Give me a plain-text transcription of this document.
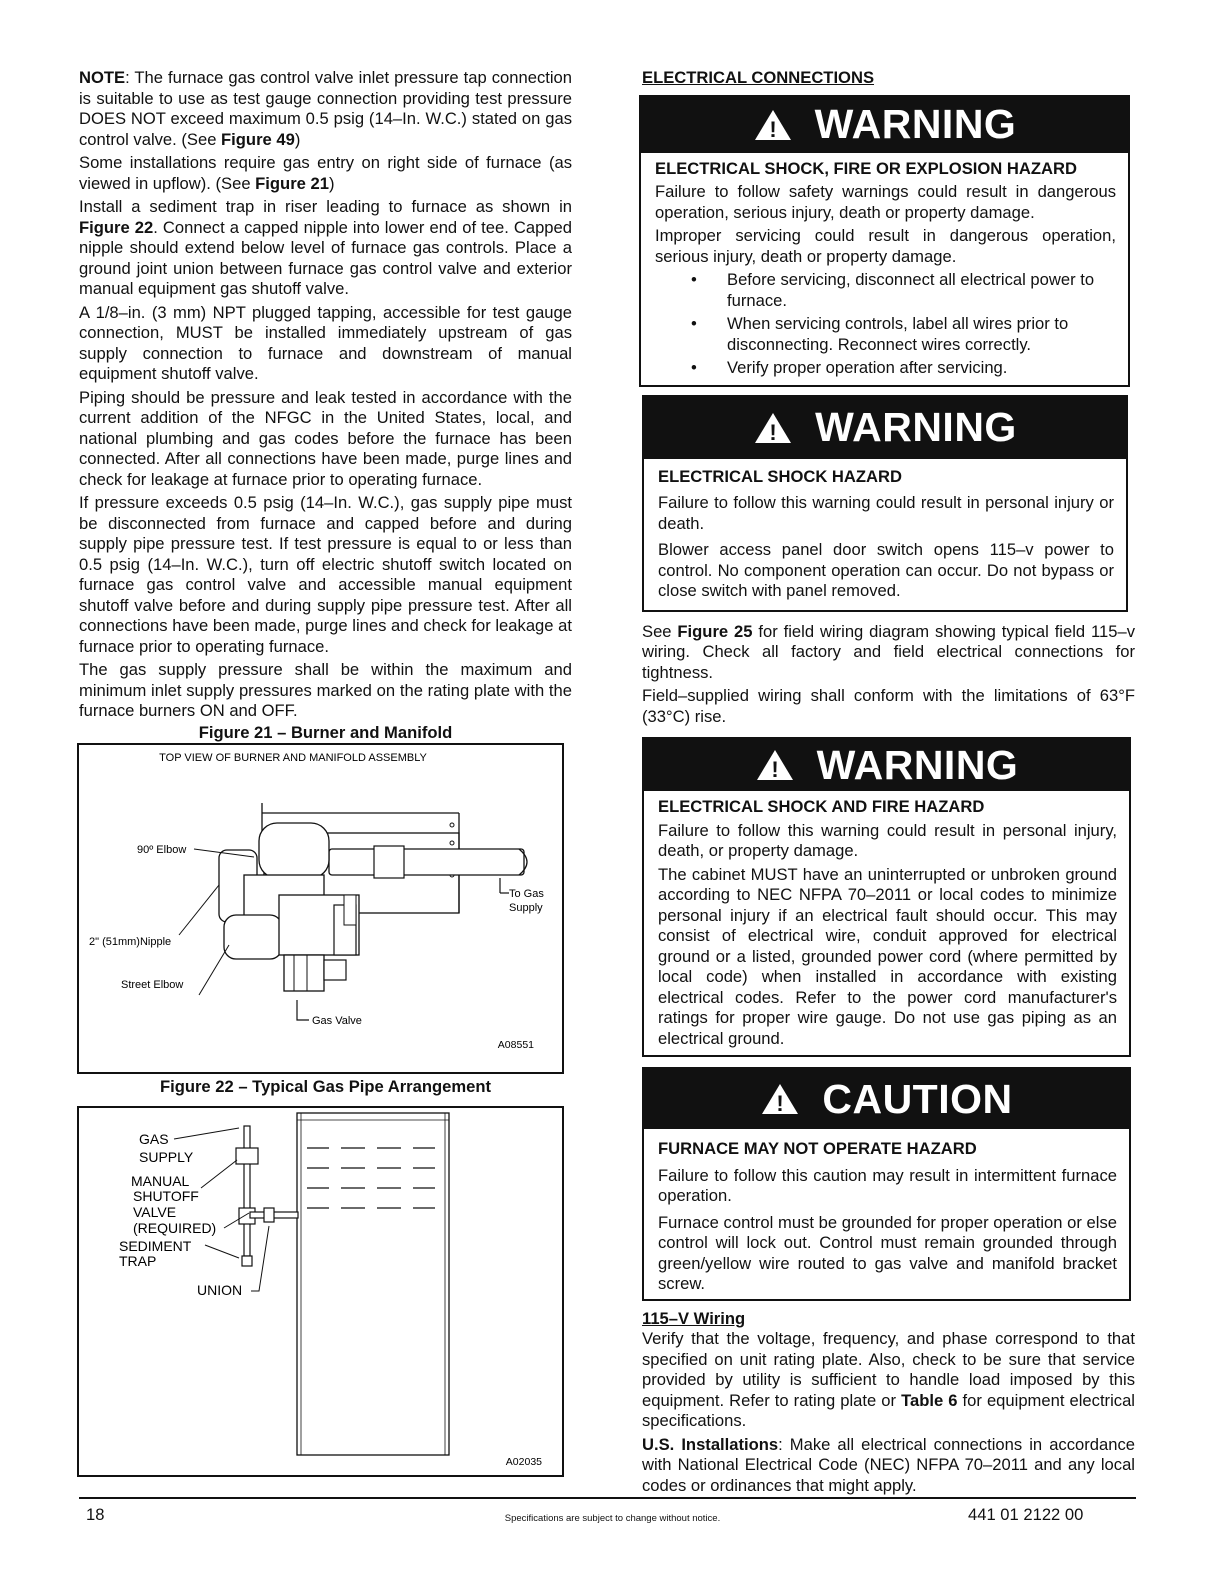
NOTE: The furnace gas control valve inlet pressure tap connection is suitable to use as test gauge connection providing test pressure DOES NOT exceed maximum 0.5 psig (14–In. W.C.) stated on gas control valve. (See Figure 49)

Some installations require gas entry on right side of furnace (as viewed in upflow). (See Figure 21)

Install a sediment trap in riser leading to furnace as shown in Figure 22. Connect a capped nipple into lower end of tee. Capped nipple should extend below level of furnace gas controls. Place a ground joint union between furnace gas control valve and exterior manual equipment gas shutoff valve.

A 1/8–in. (3 mm) NPT plugged tapping, accessible for test gauge connection, MUST be installed immediately upstream of gas supply connection to furnace and downstream of manual equipment shutoff valve.

Piping should be pressure and leak tested in accordance with the current addition of the NFGC in the United States, local, and national plumbing and gas codes before the furnace has been connected. After all connections have been made, purge lines and check for leakage at furnace prior to operating furnace.

If pressure exceeds 0.5 psig (14–In. W.C.), gas supply pipe must be disconnected from furnace and capped before and during supply pipe pressure test. If test pressure is equal to or less than 0.5 psig (14–In. W.C.), turn off electric shutoff switch located on furnace gas control valve and accessible manual equipment shutoff valve before and during supply pipe pressure test. After all connections have been made, purge lines and check for leakage at furnace prior to operating furnace.

The gas supply pressure shall be within the maximum and minimum inlet supply pressures marked on the rating plate with the furnace burners ON and OFF.

Figure 21 – Burner and Manifold
TOP VIEW OF BURNER AND MANIFOLD ASSEMBLY
90º Elbow
2" (51mm)Nipple
Street Elbow
To Gas
Supply
Gas Valve
A08551
Figure 22 – Typical Gas Pipe Arrangement
GAS
SUPPLY
MANUAL
SHUTOFF
VALVE
(REQUIRED)
SEDIMENT
TRAP
UNION
A02035
ELECTRICAL CONNECTIONS
! WARNING
ELECTRICAL SHOCK, FIRE OR EXPLOSION HAZARD

Failure to follow safety warnings could result in dangerous operation, serious injury, death or property damage.

Improper servicing could result in dangerous operation, serious injury, death or property damage.

• Before servicing, disconnect all electrical power to furnace.
• When servicing controls, label all wires prior to disconnecting. Reconnect wires correctly.
• Verify proper operation after servicing.
! WARNING
ELECTRICAL SHOCK HAZARD

Failure to follow this warning could result in personal injury or death.

Blower access panel door switch opens 115–v power to control. No component operation can occur. Do not bypass or close switch with panel removed.

See Figure 25 for field wiring diagram showing typical field 115–v wiring. Check all factory and field electrical connections for tightness.

Field–supplied wiring shall conform with the limitations of 63°F (33°C) rise.

! WARNING
ELECTRICAL SHOCK AND FIRE HAZARD

Failure to follow this warning could result in personal injury, death, or property damage.

The cabinet MUST have an uninterrupted or unbroken ground according to NEC NFPA 70–2011 or local codes to minimize personal injury if an electrical fault should occur. This may consist of electrical wire, conduit approved for electrical ground or a listed, grounded power cord (where permitted by local code) when installed in accordance with existing electrical codes. Refer to the power cord manufacturer's ratings for proper wire gauge. Do not use gas piping as an electrical ground.

! CAUTION
FURNACE MAY NOT OPERATE HAZARD

Failure to follow this caution may result in intermittent furnace operation.

Furnace control must be grounded for proper operation or else control will lock out. Control must remain grounded through green/yellow wire routed to gas valve and manifold bracket screw.

115–V Wiring

Verify that the voltage, frequency, and phase correspond to that specified on unit rating plate. Also, check to be sure that service provided by utility is sufficient to handle load imposed by this equipment. Refer to rating plate or Table 6 for equipment electrical specifications.

U.S. Installations: Make all electrical connections in accordance with National Electrical Code (NEC) NFPA 70–2011 and any local codes or ordinances that might apply.

18	Specifications are subject to change without notice.	441 01 2122 00
